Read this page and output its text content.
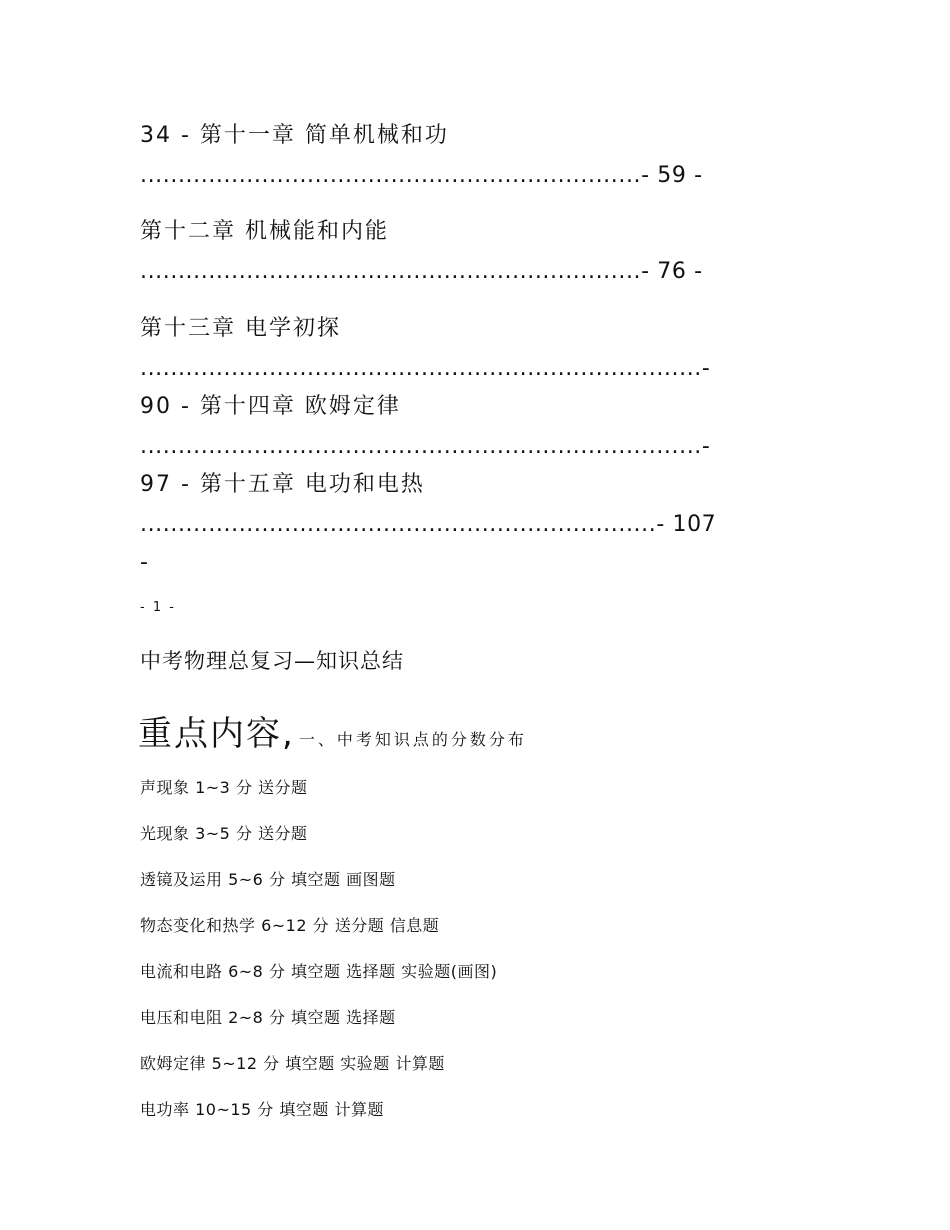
34 - 第十一章 简单机械和功
..................................................................- 59 -
第十二章 机械能和内能
..................................................................- 76 -
第十三章 电学初探
..........................................................................-
90 - 第十四章 欧姆定律
..........................................................................-
97 - 第十五章 电功和电热
....................................................................- 107
-
- 1 -
中考物理总复习—知识总结
重点内容, 一、中考知识点的分数分布
声现象 1~3 分 送分题
光现象 3~5 分 送分题
透镜及运用 5~6 分 填空题 画图题
物态变化和热学 6~12 分 送分题 信息题
电流和电路 6~8 分 填空题 选择题 实验题(画图)
电压和电阻 2~8 分 填空题 选择题
欧姆定律 5~12 分 填空题 实验题 计算题
电功率 10~15 分 填空题 计算题
